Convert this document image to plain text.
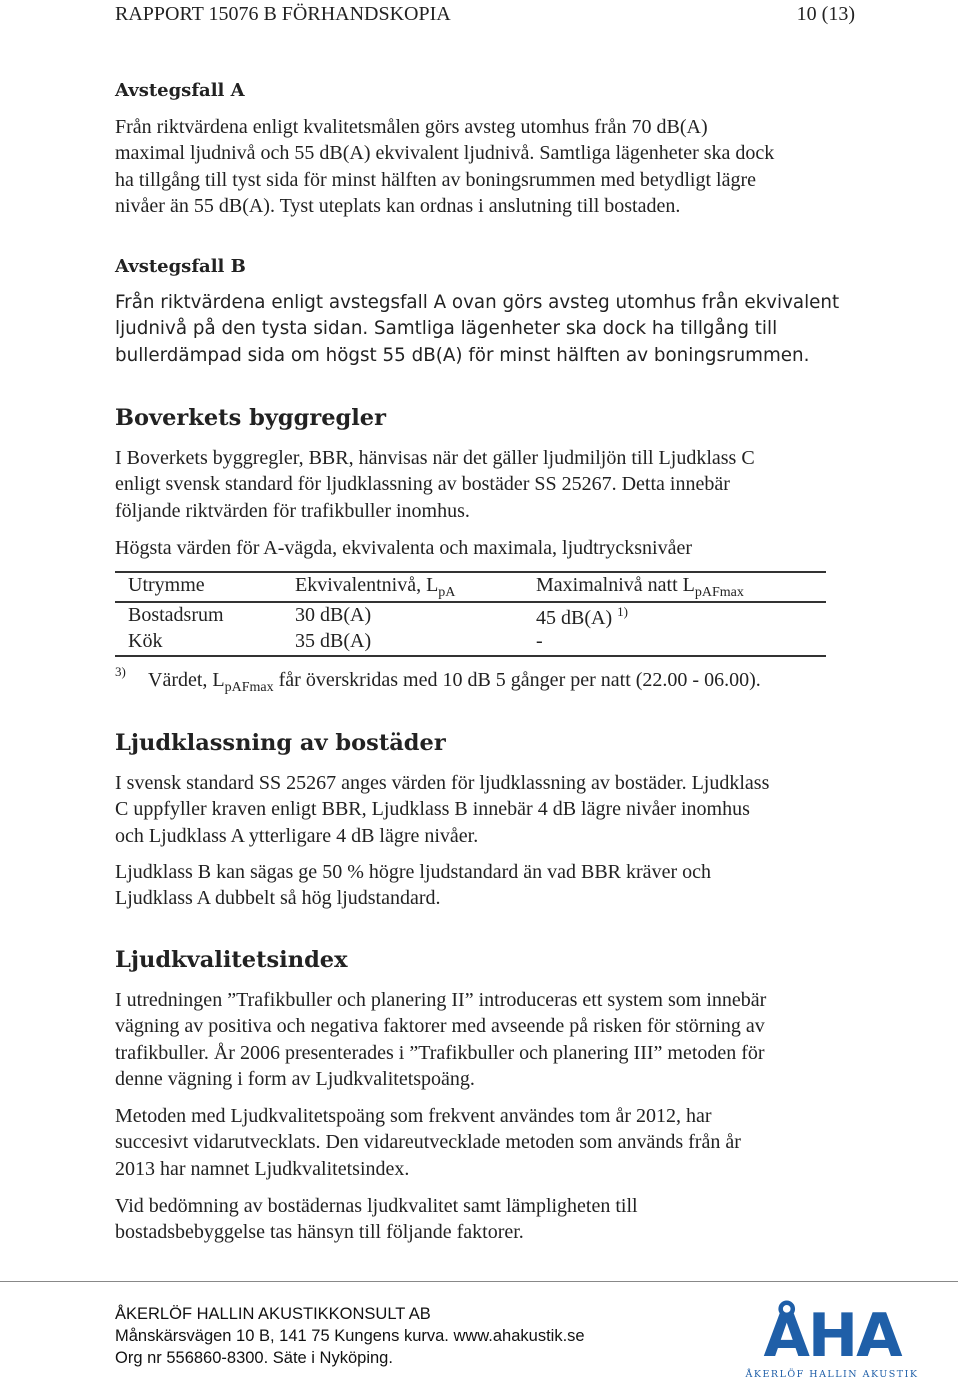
RAPPORT 15076 B FÖRHANDSKOPIA	10 (13)
Avstegsfall A
Från riktvärdena enligt kvalitetsmålen görs avsteg utomhus från 70 dB(A)
maximal ljudnivå och 55 dB(A) ekvivalent ljudnivå. Samtliga lägenheter ska dock
ha tillgång till tyst sida för minst hälften av boningsrummen med betydligt lägre
nivåer än 55 dB(A). Tyst uteplats kan ordnas i anslutning till bostaden.
Avstegsfall B
Från riktvärdena enligt avstegsfall A ovan görs avsteg utomhus från ekvivalent
ljudnivå på den tysta sidan. Samtliga lägenheter ska dock ha tillgång till
bullerdämpad sida om högst 55 dB(A) för minst hälften av boningsrummen.
Boverkets byggregler
I Boverkets byggregler, BBR, hänvisas när det gäller ljudmiljön till Ljudklass C
enligt svensk standard för ljudklassning av bostäder SS 25267. Detta innebär
följande riktvärden för trafikbuller inomhus.
Högsta värden för A-vägda, ekvivalenta och maximala, ljudtrycksnivåer
Utrymme	Ekvivalentnivå, $L_{pA}$	Maximalnivå natt $L_{pAFmax}$
Bostadsrum	30 dB(A)	45 dB(A) $^{1)}$
Kök	35 dB(A)	-
3) Värdet, $L_{pAFmax}$ får överskridas med 10 dB 5 gånger per natt (22.00 - 06.00).
Ljudklassning av bostäder
I svensk standard SS 25267 anges värden för ljudklassning av bostäder. Ljudklass
C uppfyller kraven enligt BBR, Ljudklass B innebär 4 dB lägre nivåer inomhus
och Ljudklass A ytterligare 4 dB lägre nivåer.
Ljudklass B kan sägas ge 50 % högre ljudstandard än vad BBR kräver och
Ljudklass A dubbelt så hög ljudstandard.
Ljudkvalitetsindex
I utredningen ”Trafikbuller och planering II” introduceras ett system som innebär
vägning av positiva och negativa faktorer med avseende på risken för störning av
trafikbuller. År 2006 presenterades i ”Trafikbuller och planering III” metoden för
denne vägning i form av Ljudkvalitetspoäng.
Metoden med Ljudkvalitetspoäng som frekvent användes tom år 2012, har
succesivt vidarutvecklats. Den vidareutvecklade metoden som används från år
2013 har namnet Ljudkvalitetsindex.
Vid bedömning av bostädernas ljudkvalitet samt lämpligheten till
bostadsbebyggelse tas hänsyn till följande faktorer.
ÅKERLÖF HALLIN AKUSTIKKONSULT AB
Månskärsvägen 10 B, 141 75 Kungens kurva. www.ahakustik.se
Org nr 556860-8300. Säte i Nyköping.	ÅHA
ÅKERLÖF HALLIN AKUSTIK
